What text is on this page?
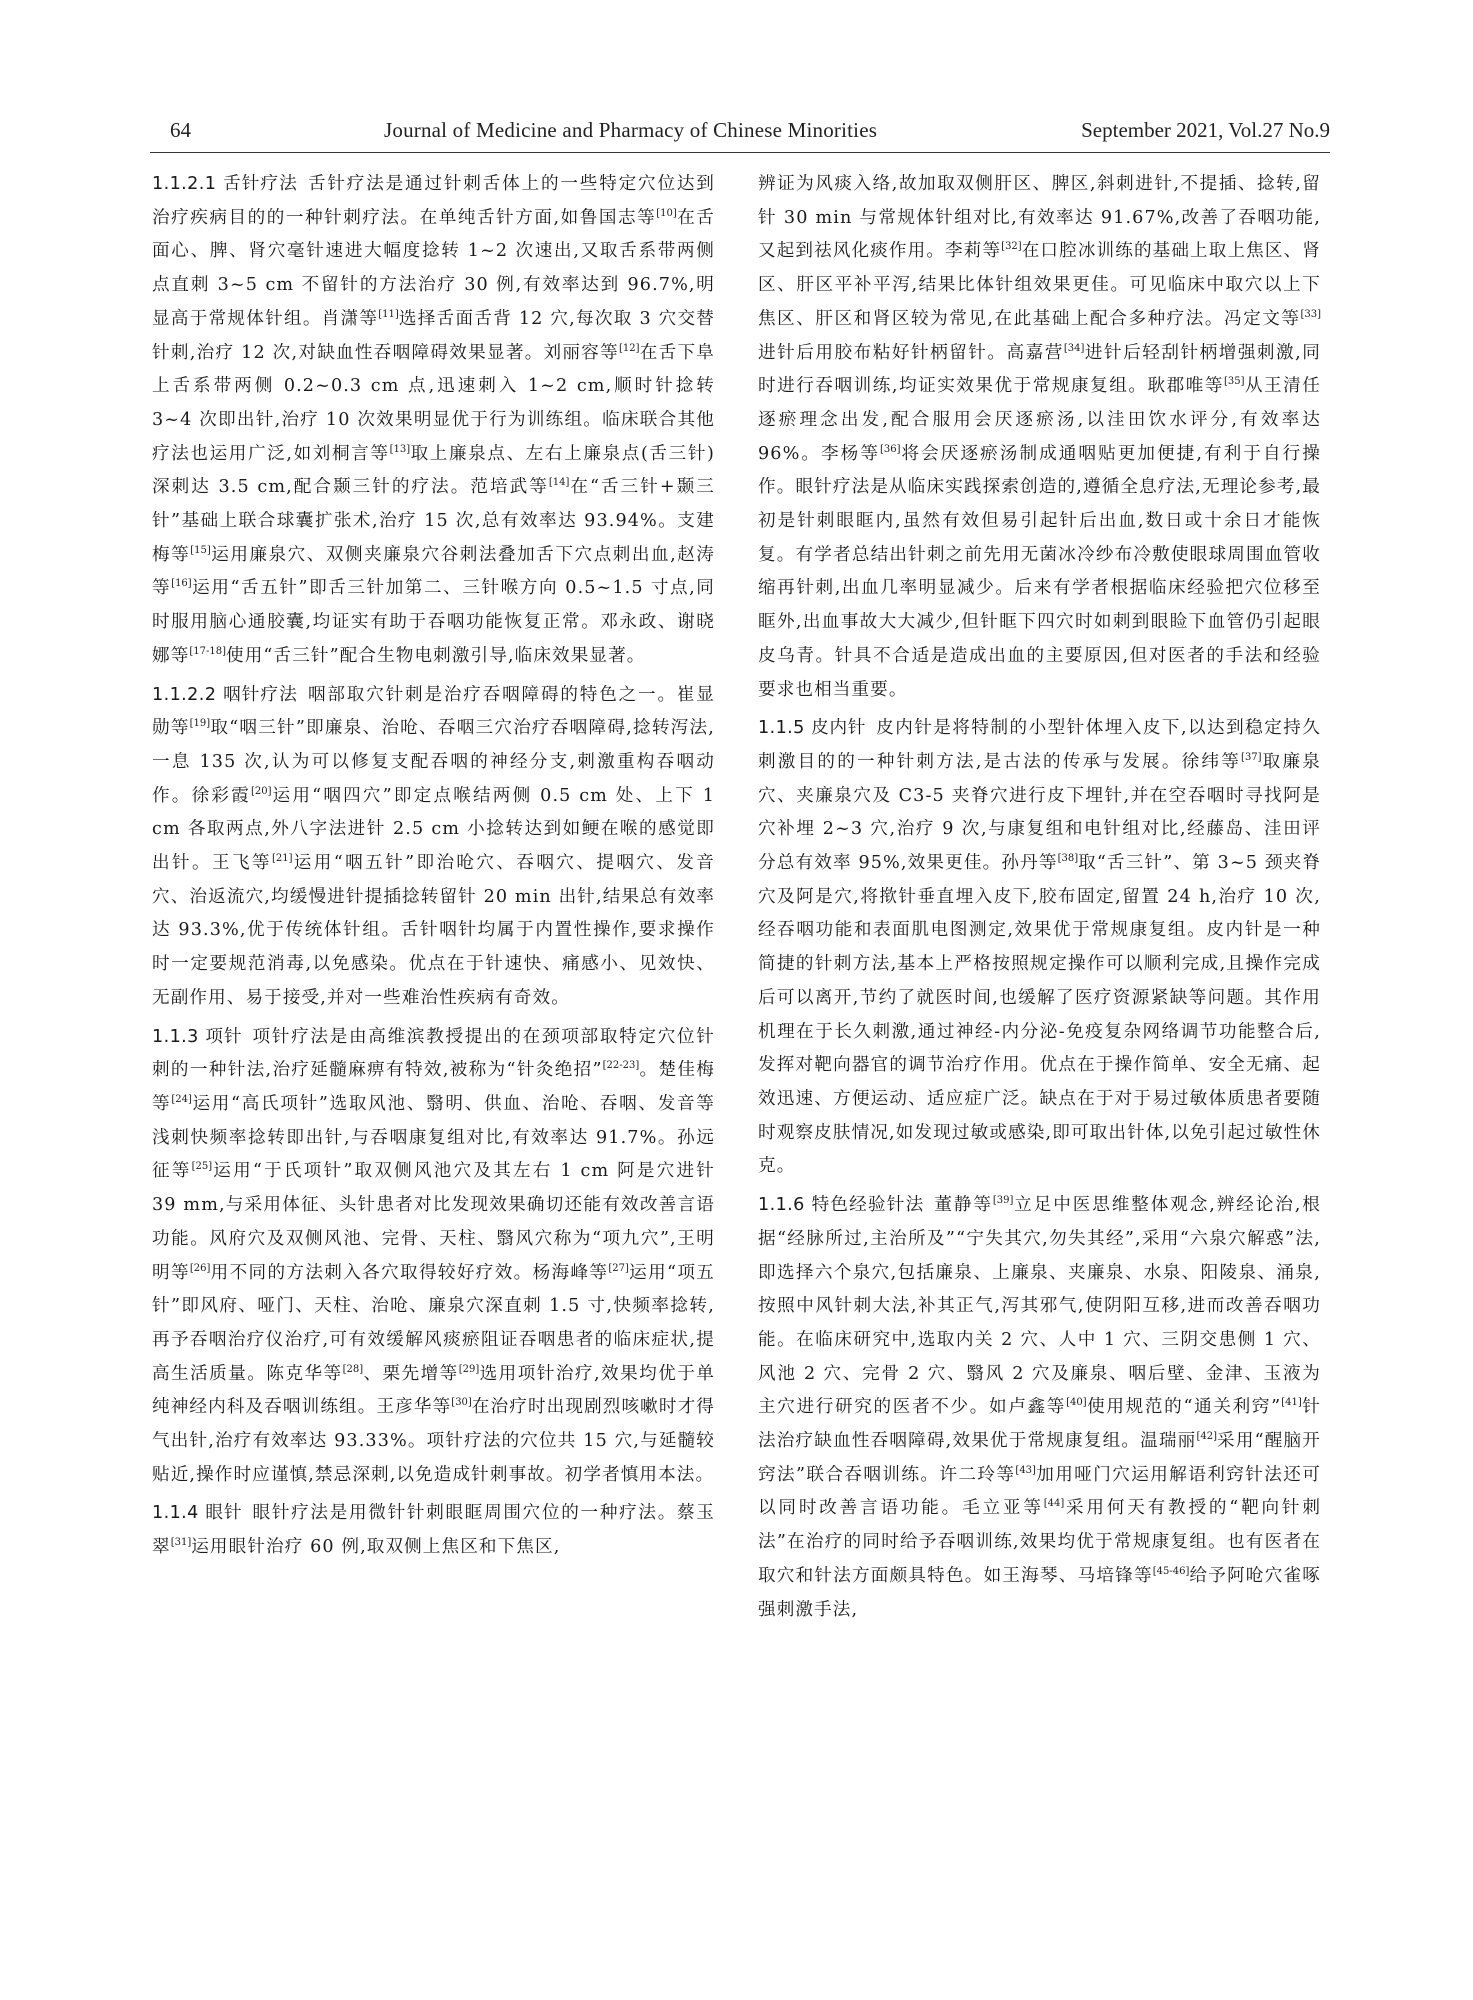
64	Journal of Medicine and Pharmacy of Chinese Minorities	September 2021, Vol.27 No.9

1.1.2.1 舌针疗法 舌针疗法是通过针刺舌体上的一些特定穴位达到治疗疾病目的的一种针刺疗法。在单纯舌针方面,如鲁国志等[10]在舌面心、脾、肾穴毫针速进大幅度捻转 1~2 次速出,又取舌系带两侧点直刺 3~5 cm 不留针的方法治疗 30 例,有效率达到 96.7%,明显高于常规体针组。肖潇等[11]选择舌面舌背 12 穴,每次取 3 穴交替针刺,治疗 12 次,对缺血性吞咽障碍效果显著。刘丽容等[12]在舌下阜上舌系带两侧 0.2~0.3 cm 点,迅速刺入 1~2 cm,顺时针捻转 3~4 次即出针,治疗 10 次效果明显优于行为训练组。临床联合其他疗法也运用广泛,如刘桐言等[13]取上廉泉点、左右上廉泉点(舌三针)深刺达 3.5 cm,配合颞三针的疗法。范培武等[14]在“舌三针+颞三针”基础上联合球囊扩张术,治疗 15 次,总有效率达 93.94%。支建梅等[15]运用廉泉穴、双侧夹廉泉穴谷刺法叠加舌下穴点刺出血,赵涛等[16]运用“舌五针”即舌三针加第二、三针喉方向 0.5~1.5 寸点,同时服用脑心通胶囊,均证实有助于吞咽功能恢复正常。邓永政、谢晓娜等[17-18]使用“舌三针”配合生物电刺激引导,临床效果显著。

1.1.2.2 咽针疗法 咽部取穴针刺是治疗吞咽障碍的特色之一。崔显勋等[19]取“咽三针”即廉泉、治呛、吞咽三穴治疗吞咽障碍,捻转泻法,一息 135 次,认为可以修复支配吞咽的神经分支,刺激重构吞咽动作。徐彩霞[20]运用“咽四穴”即定点喉结两侧 0.5 cm 处、上下 1 cm 各取两点,外八字法进针 2.5 cm 小捻转达到如鲠在喉的感觉即出针。王飞等[21]运用“咽五针”即治呛穴、吞咽穴、提咽穴、发音穴、治返流穴,均缓慢进针提插捻转留针 20 min 出针,结果总有效率达 93.3%,优于传统体针组。舌针咽针均属于内置性操作,要求操作时一定要规范消毒,以免感染。优点在于针速快、痛感小、见效快、无副作用、易于接受,并对一些难治性疾病有奇效。

1.1.3 项针 项针疗法是由高维滨教授提出的在颈项部取特定穴位针刺的一种针法,治疗延髓麻痹有特效,被称为“针灸绝招”[22-23]。楚佳梅等[24]运用“高氏项针”选取风池、翳明、供血、治呛、吞咽、发音等浅刺快频率捻转即出针,与吞咽康复组对比,有效率达 91.7%。孙远征等[25]运用“于氏项针”取双侧风池穴及其左右 1 cm 阿是穴进针 39 mm,与采用体征、头针患者对比发现效果确切还能有效改善言语功能。风府穴及双侧风池、完骨、天柱、翳风穴称为“项九穴”,王明明等[26]用不同的方法刺入各穴取得较好疗效。杨海峰等[27]运用“项五针”即风府、哑门、天柱、治呛、廉泉穴深直刺 1.5 寸,快频率捻转,再予吞咽治疗仪治疗,可有效缓解风痰瘀阻证吞咽患者的临床症状,提高生活质量。陈克华等[28]、栗先增等[29]选用项针治疗,效果均优于单纯神经内科及吞咽训练组。王彦华等[30]在治疗时出现剧烈咳嗽时才得气出针,治疗有效率达 93.33%。项针疗法的穴位共 15 穴,与延髓较贴近,操作时应谨慎,禁忌深刺,以免造成针刺事故。初学者慎用本法。

1.1.4 眼针 眼针疗法是用微针针刺眼眶周围穴位的一种疗法。蔡玉翠[31]运用眼针治疗 60 例,取双侧上焦区和下焦区,

辨证为风痰入络,故加取双侧肝区、脾区,斜刺进针,不提插、捻转,留针 30 min 与常规体针组对比,有效率达 91.67%,改善了吞咽功能,又起到祛风化痰作用。李莉等[32]在口腔冰训练的基础上取上焦区、肾区、肝区平补平泻,结果比体针组效果更佳。可见临床中取穴以上下焦区、肝区和肾区较为常见,在此基础上配合多种疗法。冯定文等[33]进针后用胶布粘好针柄留针。高嘉营[34]进针后轻刮针柄增强刺激,同时进行吞咽训练,均证实效果优于常规康复组。耿郡唯等[35]从王清任逐瘀理念出发,配合服用会厌逐瘀汤,以洼田饮水评分,有效率达 96%。李杨等[36]将会厌逐瘀汤制成通咽贴更加便捷,有利于自行操作。眼针疗法是从临床实践探索创造的,遵循全息疗法,无理论参考,最初是针刺眼眶内,虽然有效但易引起针后出血,数日或十余日才能恢复。有学者总结出针刺之前先用无菌冰冷纱布冷敷使眼球周围血管收缩再针刺,出血几率明显减少。后来有学者根据临床经验把穴位移至眶外,出血事故大大减少,但针眶下四穴时如刺到眼睑下血管仍引起眼皮乌青。针具不合适是造成出血的主要原因,但对医者的手法和经验要求也相当重要。

1.1.5 皮内针 皮内针是将特制的小型针体埋入皮下,以达到稳定持久刺激目的的一种针刺方法,是古法的传承与发展。徐纬等[37]取廉泉穴、夹廉泉穴及 C3-5 夹脊穴进行皮下埋针,并在空吞咽时寻找阿是穴补埋 2~3 穴,治疗 9 次,与康复组和电针组对比,经藤岛、洼田评分总有效率 95%,效果更佳。孙丹等[38]取“舌三针”、第 3~5 颈夹脊穴及阿是穴,将揿针垂直埋入皮下,胶布固定,留置 24 h,治疗 10 次,经吞咽功能和表面肌电图测定,效果优于常规康复组。皮内针是一种简捷的针刺方法,基本上严格按照规定操作可以顺利完成,且操作完成后可以离开,节约了就医时间,也缓解了医疗资源紧缺等问题。其作用机理在于长久刺激,通过神经-内分泌-免疫复杂网络调节功能整合后,发挥对靶向器官的调节治疗作用。优点在于操作简单、安全无痛、起效迅速、方便运动、适应症广泛。缺点在于对于易过敏体质患者要随时观察皮肤情况,如发现过敏或感染,即可取出针体,以免引起过敏性休克。

1.1.6 特色经验针法 董静等[39]立足中医思维整体观念,辨经论治,根据“经脉所过,主治所及”“宁失其穴,勿失其经”,采用“六泉穴解惑”法,即选择六个泉穴,包括廉泉、上廉泉、夹廉泉、水泉、阳陵泉、涌泉,按照中风针刺大法,补其正气,泻其邪气,使阴阳互移,进而改善吞咽功能。在临床研究中,选取内关 2 穴、人中 1 穴、三阴交患侧 1 穴、风池 2 穴、完骨 2 穴、翳风 2 穴及廉泉、咽后壁、金津、玉液为主穴进行研究的医者不少。如卢鑫等[40]使用规范的“通关利窍”[41]针法治疗缺血性吞咽障碍,效果优于常规康复组。温瑞丽[42]采用“醒脑开窍法”联合吞咽训练。许二玲等[43]加用哑门穴运用解语利窍针法还可以同时改善言语功能。毛立亚等[44]采用何天有教授的“靶向针刺法”在治疗的同时给予吞咽训练,效果均优于常规康复组。也有医者在取穴和针法方面颇具特色。如王海琴、马培锋等[45-46]给予阿呛穴雀啄强刺激手法,
